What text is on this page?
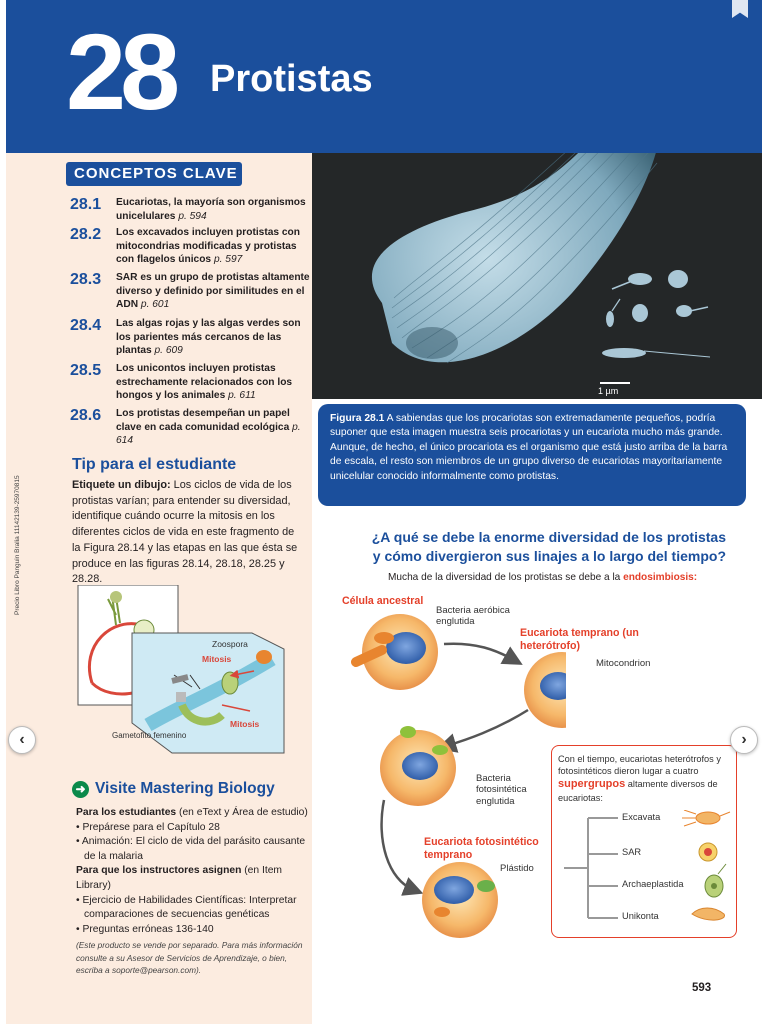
28 Protistas
CONCEPTOS CLAVE
28.1	Eucariotas, la mayoría son organismos unicelulares p. 594
28.2	Los excavados incluyen protistas con mitocondrias modificadas y protistas con flagelos únicos p. 597
28.3	SAR es un grupo de protistas altamente diverso y definido por similitudes en el ADN p. 601
28.4	Las algas rojas y las algas verdes son los parientes más cercanos de las plantas p. 609
28.5	Los unicontos incluyen protistas estrechamente relacionados con los hongos y los animales p. 611
28.6	Los protistas desempeñan un papel clave en cada comunidad ecológica p. 614
Tip para el estudiante
Etiquete un dibujo: Los ciclos de vida de los protistas varían; para entender su diversidad, identifique cuándo ocurre la mitosis en los diferentes ciclos de vida en este fragmento de la Figura 28.14 y las etapas en las que ésta se produce en las figuras 28.14, 28.18, 28.25 y 28.28.
Precio Libro Panguin Bralia 11142139-25970815
Zoospora
Mitosis
Mitosis
Gametofito femenino
➜ Visite Mastering Biology
Para los estudiantes (en eText y Área de estudio)
• Prepárese para el Capítulo 28
• Animación: El ciclo de vida del parásito causante de la malaria
Para que los instructores asignen (en Item Library)
• Ejercicio de Habilidades Científicas: Interpretar comparaciones de secuencias genéticas
• Preguntas erróneas 136-140
(Este producto se vende por separado. Para más información consulte a su Asesor de Servicios de Aprendizaje, o bien, escriba a soporte@pearson.com).
1 µm
Figura 28.1 A sabiendas que los procariotas son extremadamente pequeños, podría suponer que esta imagen muestra seis procariotas y un eucariota mucho más grande. Aunque, de hecho, el único procariota es el organismo que está justo arriba de la barra de escala, el resto son miembros de un grupo diverso de eucariotas mayoritariamente unicelular conocido informalmente como protistas.
¿A qué se debe la enorme diversidad de los protistas
y cómo divergieron sus linajes a lo largo del tiempo?
Mucha de la diversidad de los protistas se debe a la endosimbiosis:
Célula ancestral
Bacteria aeróbica englutida
Eucariota temprano (un heterótrofo)
Mitocondrion
Bacteria fotosintética englutida
Eucariota fotosintético temprano
Plástido
Con el tiempo, eucariotas heterótrofos y fotosintéticos dieron lugar a cuatro supergrupos altamente diversos de eucariotas:
Excavata
SAR
Archaeplastida
Unikonta
593
‹	›
